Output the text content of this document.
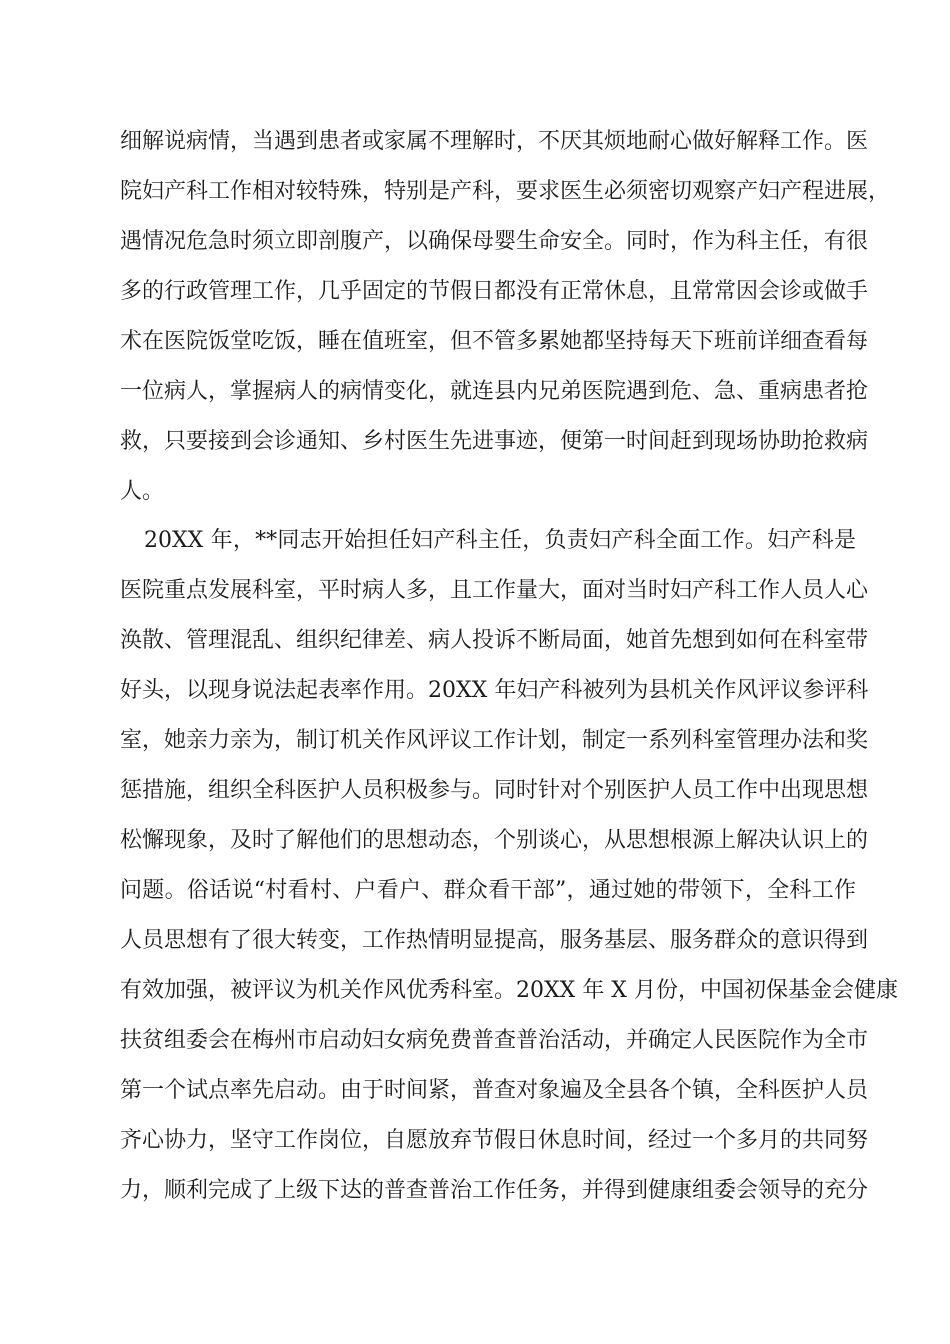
细解说病情，当遇到患者或家属不理解时，不厌其烦地耐心做好解释工作。医
院妇产科工作相对较特殊，特别是产科，要求医生必须密切观察产妇产程进展，
遇情况危急时须立即剖腹产，以确保母婴生命安全。同时，作为科主任，有很
多的行政管理工作，几乎固定的节假日都没有正常休息，且常常因会诊或做手
术在医院饭堂吃饭，睡在值班室，但不管多累她都坚持每天下班前详细查看每
一位病人，掌握病人的病情变化，就连县内兄弟医院遇到危、急、重病患者抢
救，只要接到会诊通知、乡村医生先进事迹，便第一时间赶到现场协助抢救病
人。
20XX 年，**同志开始担任妇产科主任，负责妇产科全面工作。妇产科是
医院重点发展科室，平时病人多，且工作量大，面对当时妇产科工作人员人心
涣散、管理混乱、组织纪律差、病人投诉不断局面，她首先想到如何在科室带
好头，以现身说法起表率作用。20XX 年妇产科被列为县机关作风评议参评科
室，她亲力亲为，制订机关作风评议工作计划，制定一系列科室管理办法和奖
惩措施，组织全科医护人员积极参与。同时针对个别医护人员工作中出现思想
松懈现象，及时了解他们的思想动态，个别谈心，从思想根源上解决认识上的
问题。俗话说“村看村、户看户、群众看干部”，通过她的带领下，全科工作
人员思想有了很大转变，工作热情明显提高，服务基层、服务群众的意识得到
有效加强，被评议为机关作风优秀科室。20XX 年 X 月份，中国初保基金会健康
扶贫组委会在梅州市启动妇女病免费普查普治活动，并确定人民医院作为全市
第一个试点率先启动。由于时间紧，普查对象遍及全县各个镇，全科医护人员
齐心协力，坚守工作岗位，自愿放弃节假日休息时间，经过一个多月的共同努
力，顺利完成了上级下达的普查普治工作任务，并得到健康组委会领导的充分
